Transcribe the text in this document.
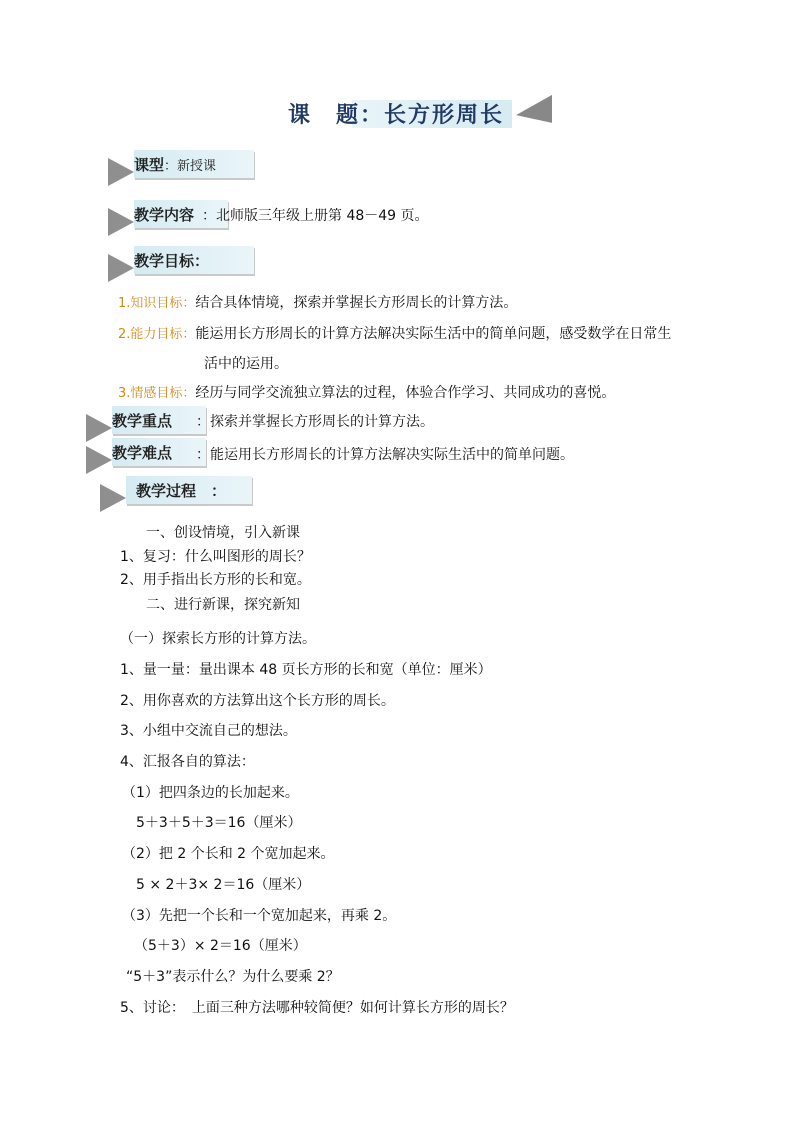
课　题：长方形周长
课型：新授课
教学内容 ：北师版三年级上册第 48－49 页。
教学目标：
1.知识目标：结合具体情境，探索并掌握长方形周长的计算方法。
2.能力目标：能运用长方形周长的计算方法解决实际生活中的简单问题，感受数学在日常生
活中的运用。
3.情感目标：经历与同学交流独立算法的过程，体验合作学习、共同成功的喜悦。
教学重点 ：探索并掌握长方形周长的计算方法。
教学难点 ：能运用长方形周长的计算方法解决实际生活中的简单问题。
教学过程　：
一、创设情境，引入新课
1、复习：什么叫图形的周长？
2、用手指出长方形的长和宽。
二、进行新课，探究新知
（一）探索长方形的计算方法。
1、量一量：量出课本 48 页长方形的长和宽（单位：厘米）
2、用你喜欢的方法算出这个长方形的周长。
3、小组中交流自己的想法。
4、汇报各自的算法：
（1）把四条边的长加起来。
5＋3＋5＋3＝16（厘米）
（2）把 2 个长和 2 个宽加起来。
5 × 2＋3× 2＝16（厘米）
（3）先把一个长和一个宽加起来，再乘 2。
（5＋3）× 2＝16（厘米）
“5＋3”表示什么？为什么要乘 2？
5、讨论：　上面三种方法哪种较简便？如何计算长方形的周长？
